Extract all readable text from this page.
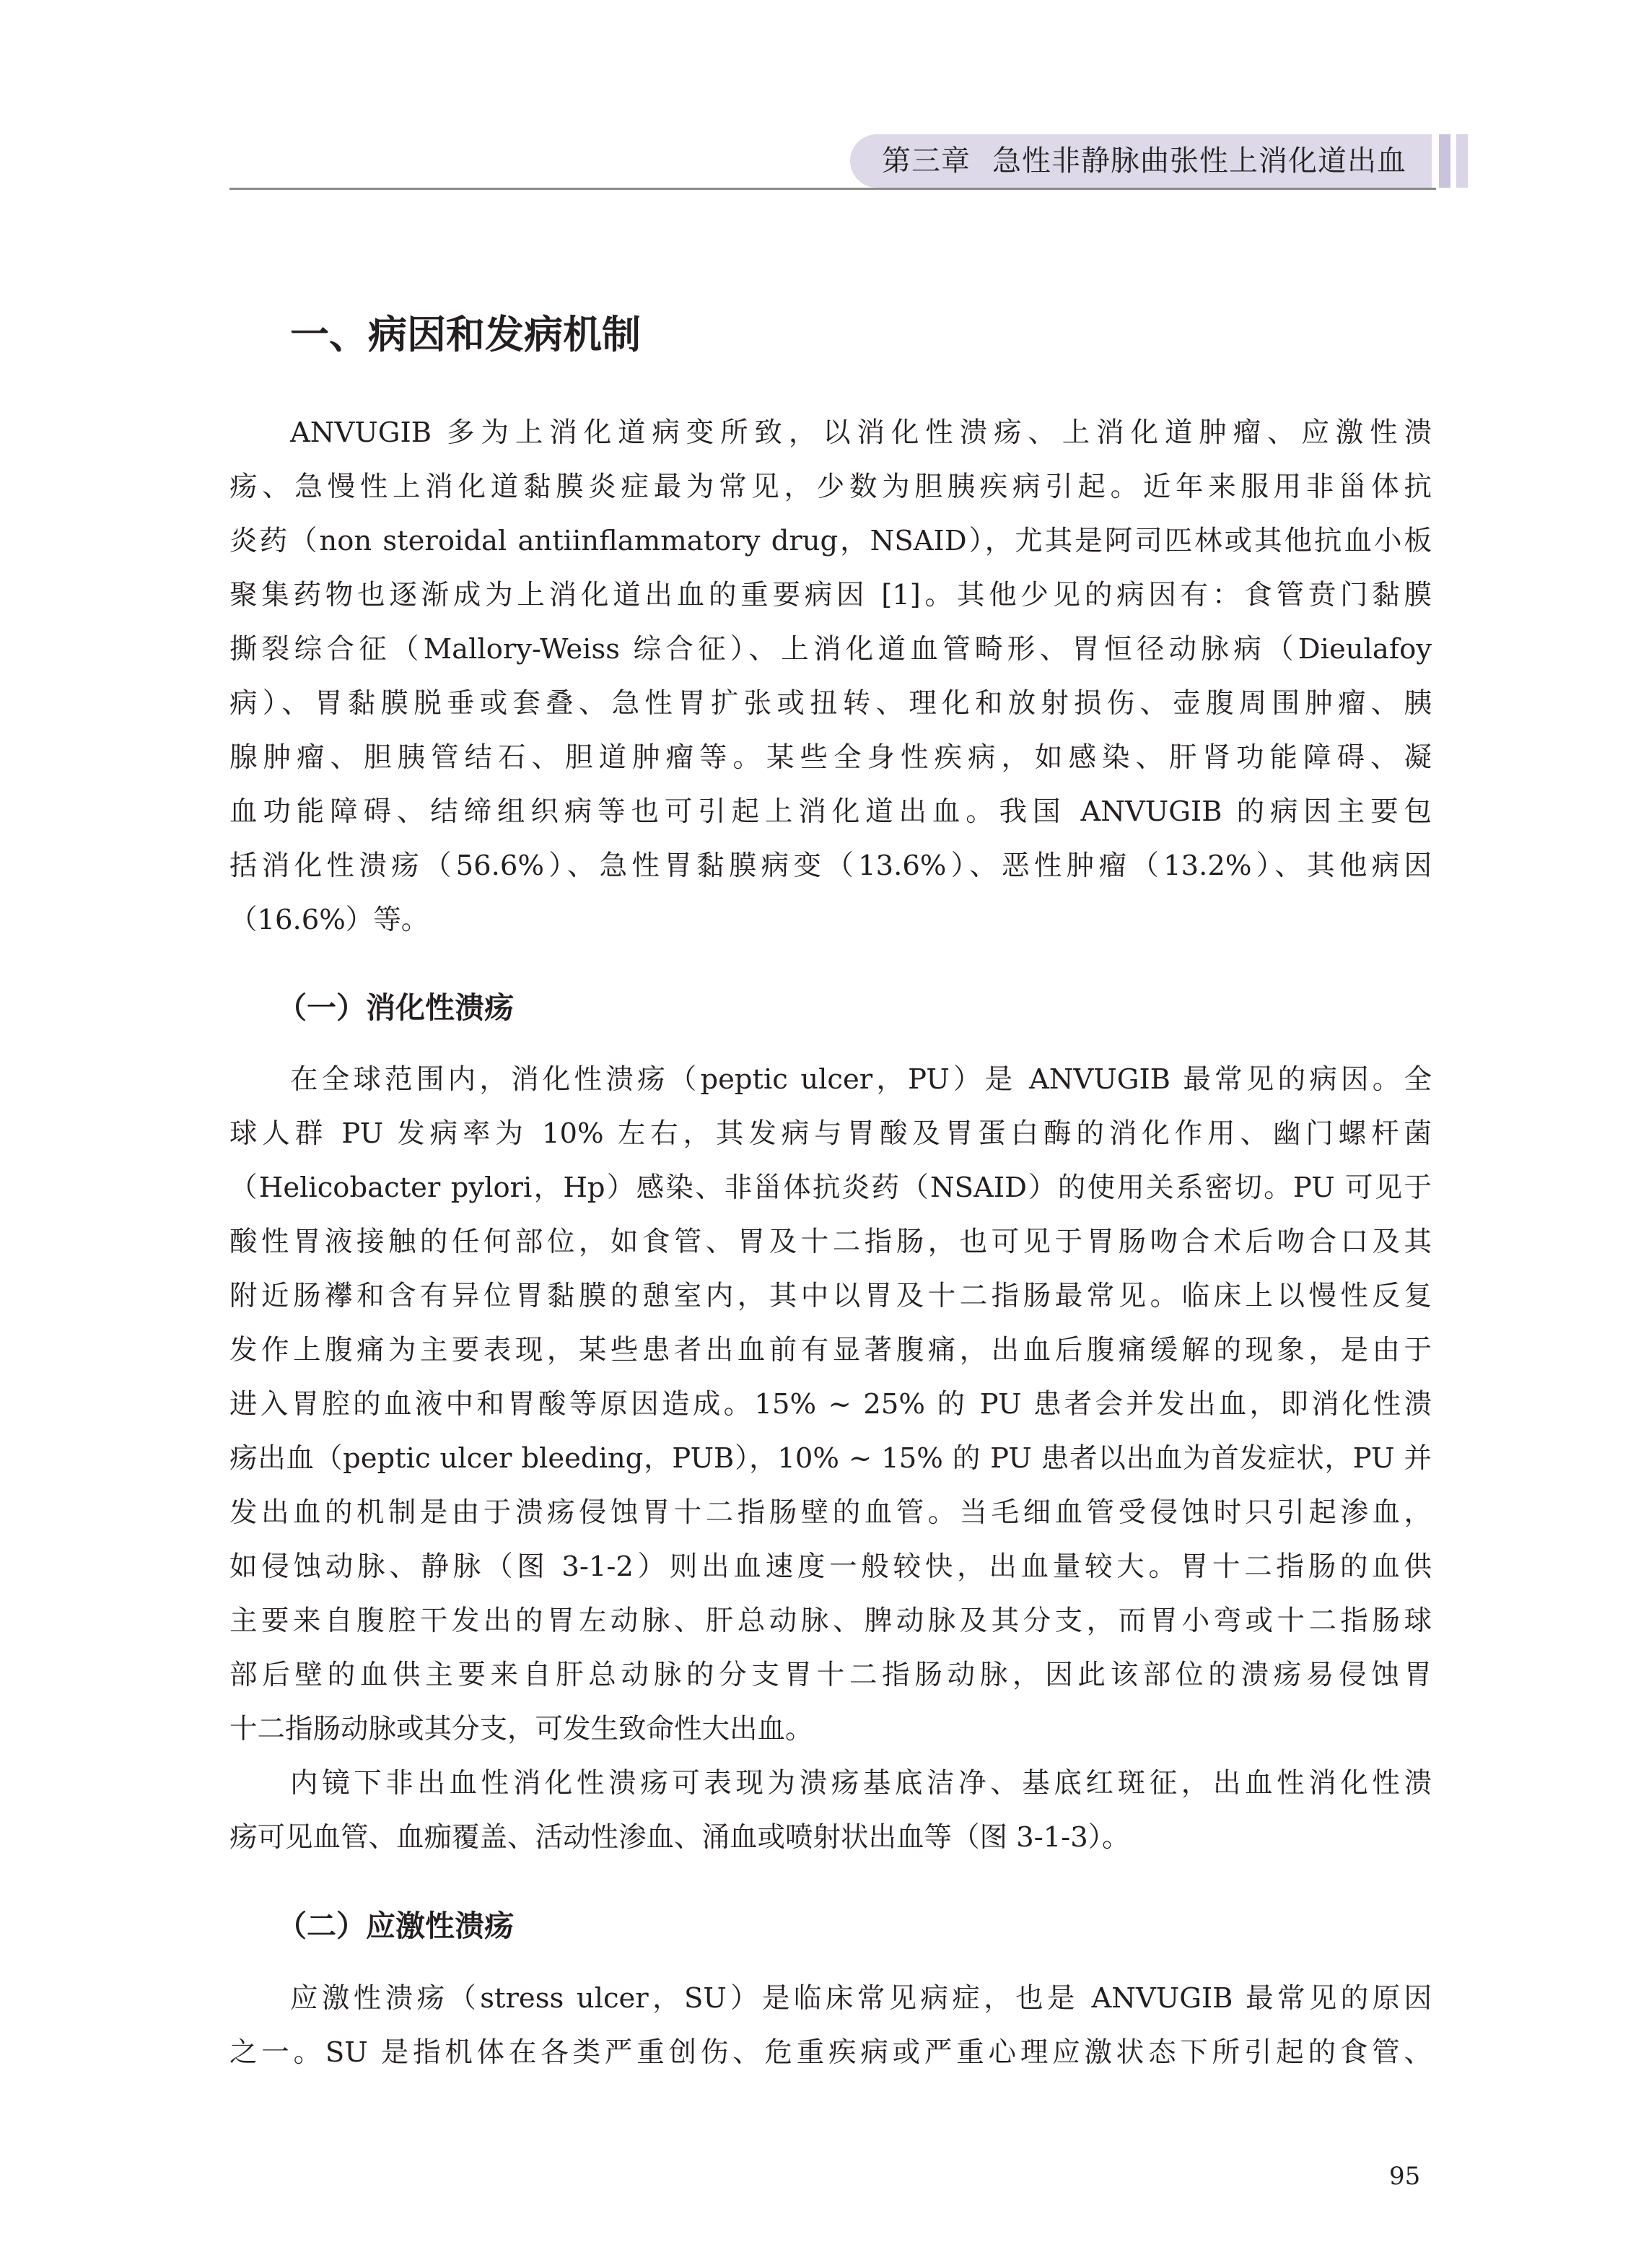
第三章 急性非静脉曲张性上消化道出血
一、病因和发病机制
ANVUGIB 多为上消化道病变所致，以消化性溃疡、上消化道肿瘤、应激性溃
疡、急慢性上消化道黏膜炎症最为常见，少数为胆胰疾病引起。近年来服用非甾体抗
炎药（non steroidal antiinflammatory drug，NSAID），尤其是阿司匹林或其他抗血小板
聚集药物也逐渐成为上消化道出血的重要病因 [1]。其他少见的病因有：食管贲门黏膜
撕裂综合征（Mallory-Weiss 综合征）、上消化道血管畸形、胃恒径动脉病（Dieulafoy
病）、胃黏膜脱垂或套叠、急性胃扩张或扭转、理化和放射损伤、壶腹周围肿瘤、胰
腺肿瘤、胆胰管结石、胆道肿瘤等。某些全身性疾病，如感染、肝肾功能障碍、凝
血功能障碍、结缔组织病等也可引起上消化道出血。我国 ANVUGIB 的病因主要包
括消化性溃疡（56.6%）、急性胃黏膜病变（13.6%）、恶性肿瘤（13.2%）、其他病因
（16.6%）等。
（一）消化性溃疡
在全球范围内，消化性溃疡（peptic ulcer，PU）是 ANVUGIB 最常见的病因。全
球人群 PU 发病率为 10% 左右，其发病与胃酸及胃蛋白酶的消化作用、幽门螺杆菌
（Helicobacter pylori，Hp）感染、非甾体抗炎药（NSAID）的使用关系密切。PU 可见于
酸性胃液接触的任何部位，如食管、胃及十二指肠，也可见于胃肠吻合术后吻合口及其
附近肠襻和含有异位胃黏膜的憩室内，其中以胃及十二指肠最常见。临床上以慢性反复
发作上腹痛为主要表现，某些患者出血前有显著腹痛，出血后腹痛缓解的现象，是由于
进入胃腔的血液中和胃酸等原因造成。15% ~ 25% 的 PU 患者会并发出血，即消化性溃
疡出血（peptic ulcer bleeding，PUB），10% ~ 15% 的 PU 患者以出血为首发症状，PU 并
发出血的机制是由于溃疡侵蚀胃十二指肠壁的血管。当毛细血管受侵蚀时只引起渗血，
如侵蚀动脉、静脉（图 3-1-2）则出血速度一般较快，出血量较大。胃十二指肠的血供
主要来自腹腔干发出的胃左动脉、肝总动脉、脾动脉及其分支，而胃小弯或十二指肠球
部后壁的血供主要来自肝总动脉的分支胃十二指肠动脉，因此该部位的溃疡易侵蚀胃
十二指肠动脉或其分支，可发生致命性大出血。
内镜下非出血性消化性溃疡可表现为溃疡基底洁净、基底红斑征，出血性消化性溃
疡可见血管、血痂覆盖、活动性渗血、涌血或喷射状出血等（图 3-1-3）。
（二）应激性溃疡
应激性溃疡（stress ulcer，SU）是临床常见病症，也是 ANVUGIB 最常见的原因
之一。SU 是指机体在各类严重创伤、危重疾病或严重心理应激状态下所引起的食管、
95
